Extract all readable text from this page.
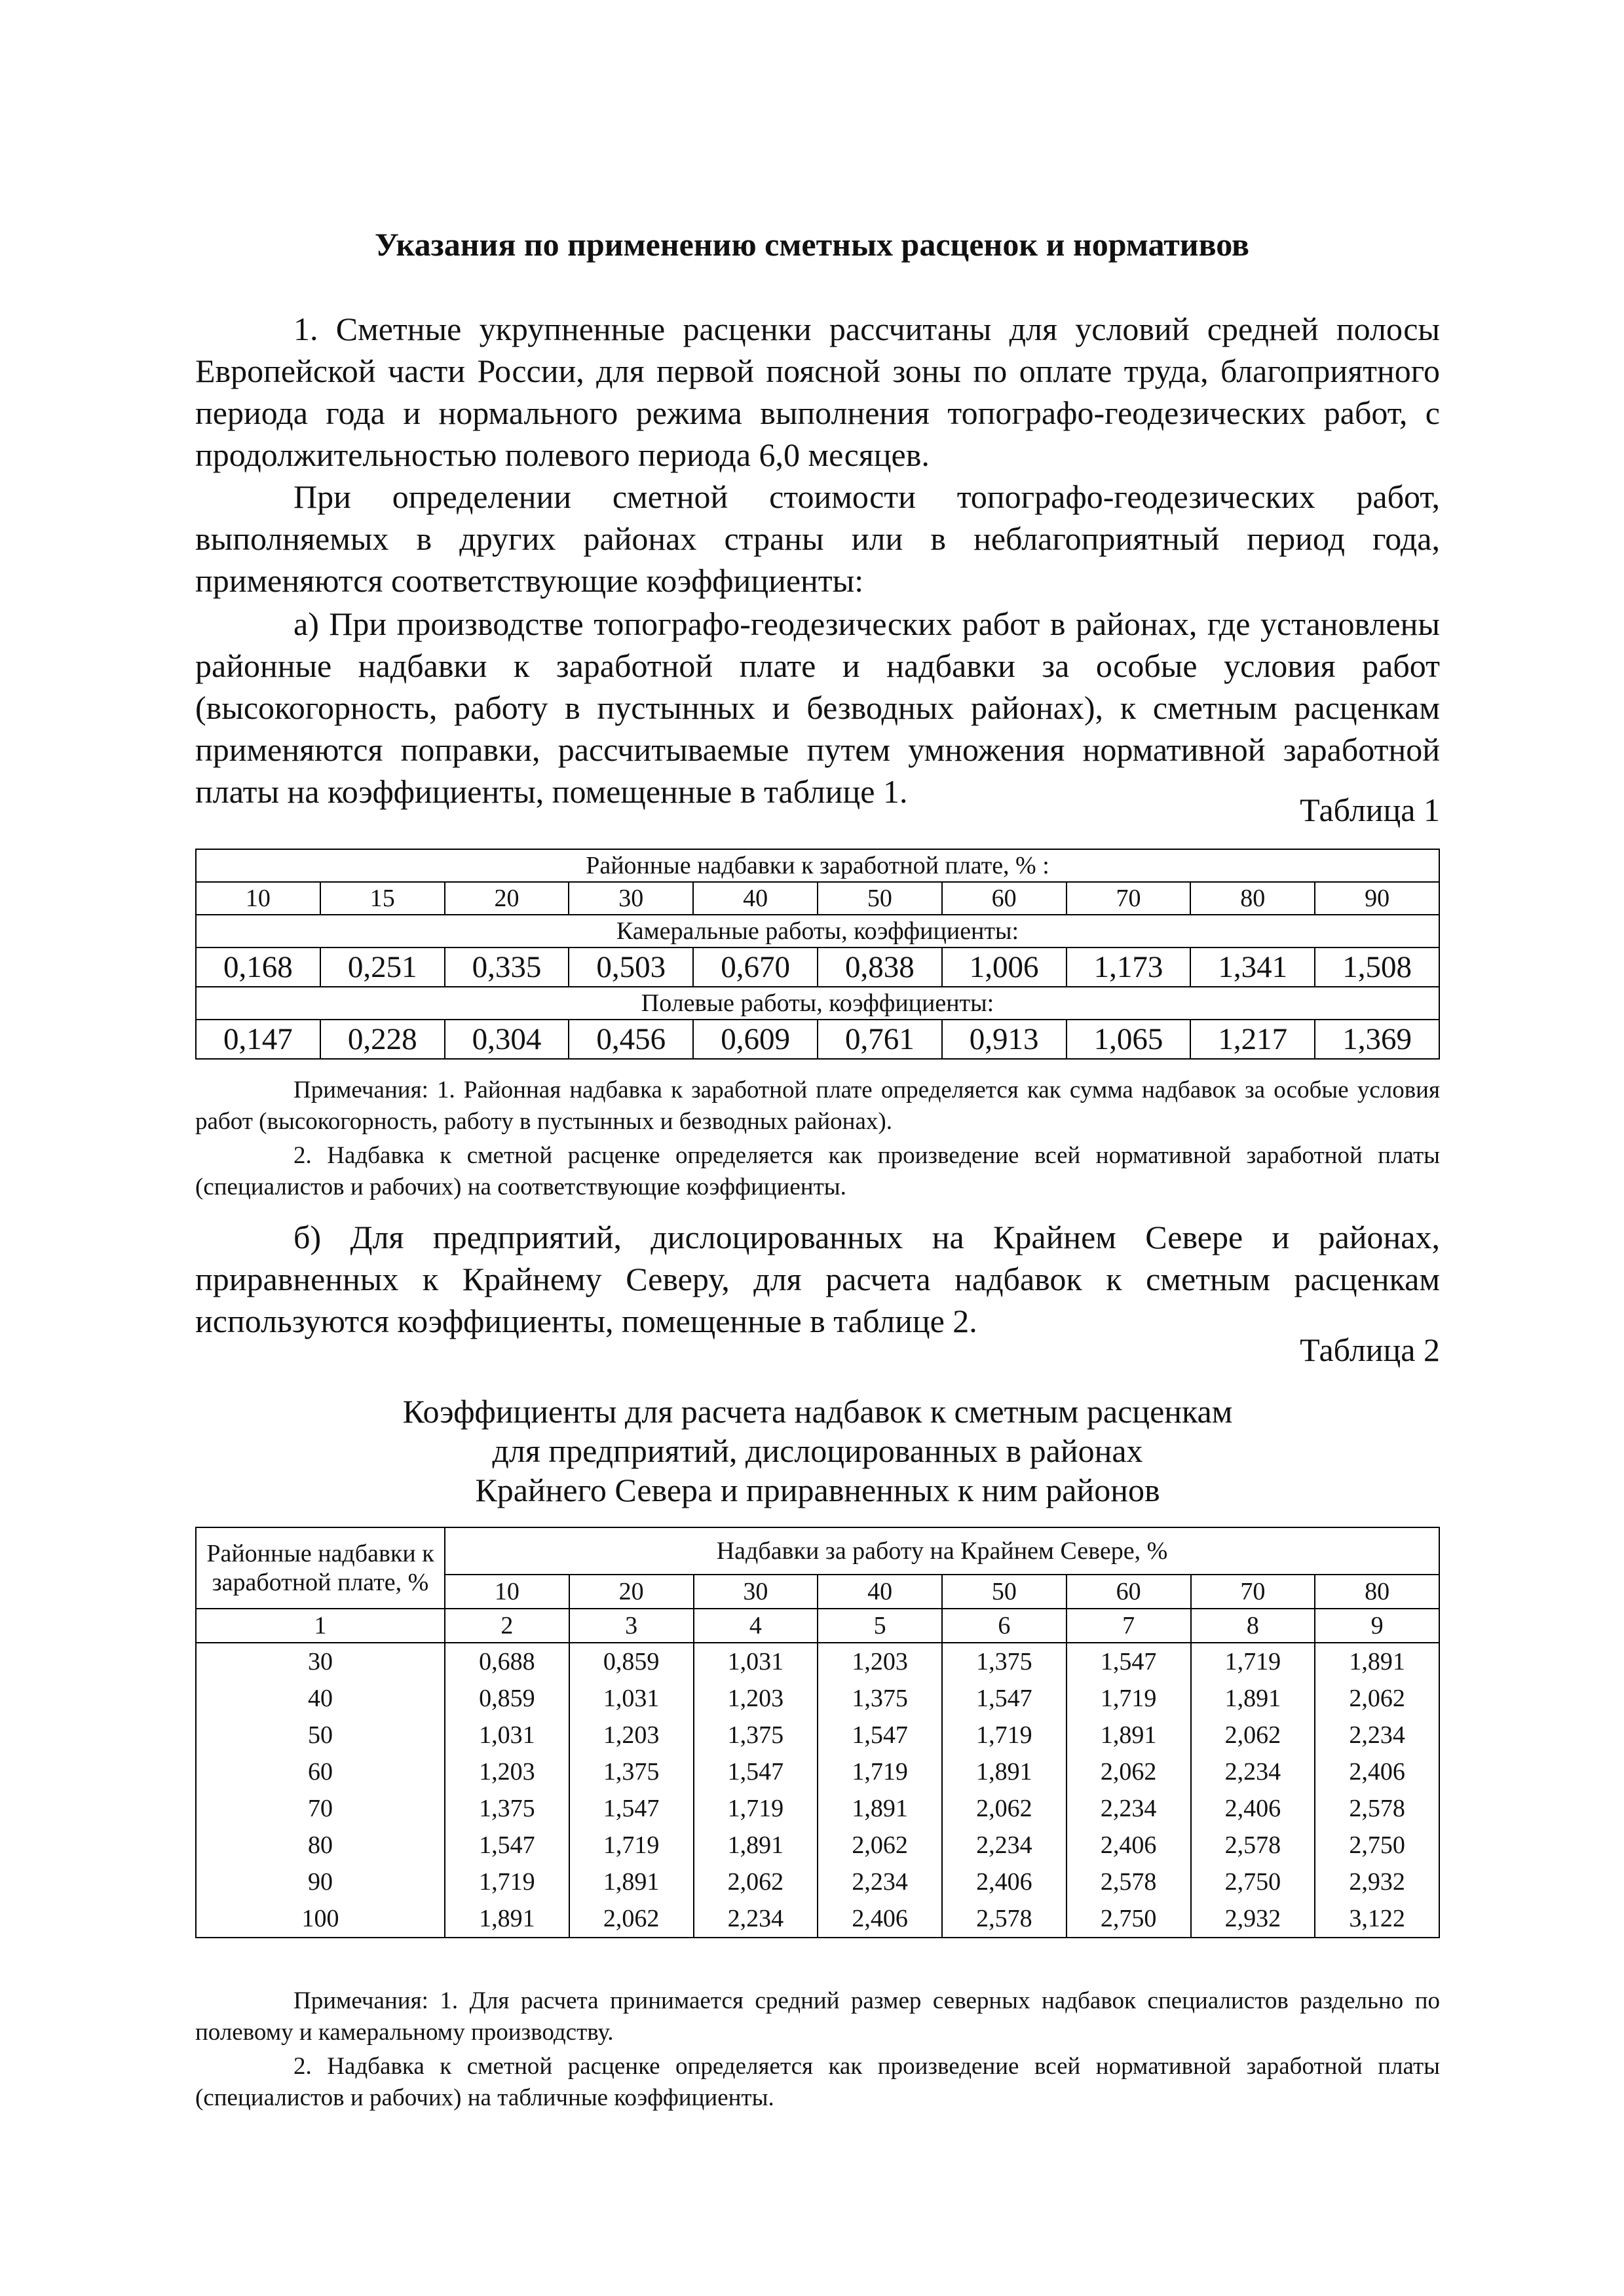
Указания по применению сметных расценок и нормативов

1. Сметные укрупненные расценки рассчитаны для условий средней полосы Европейской части России, для первой поясной зоны по оплате труда, благоприятного периода года и нормального режима выполнения топографо-геодезических работ, с продолжительностью полевого периода 6,0 месяцев.

При определении сметной стоимости топографо-геодезических работ, выполняемых в других районах страны или в неблагоприятный период года, применяются соответствующие коэффициенты:

а) При производстве топографо-геодезических работ в районах, где установлены районные надбавки к заработной плате и надбавки за особые условия работ (высокогорность, работу в пустынных и безводных районах), к сметным расценкам применяются поправки, рассчитываемые путем умножения нормативной заработной платы на коэффициенты, помещенные в таблице 1.	Таблица 1
Районные надбавки к заработной плате, % :									
10	15	20	30	40	50	60	70	80	90
Камеральные работы, коэффициенты:									
0,168	0,251	0,335	0,503	0,670	0,838	1,006	1,173	1,341	1,508
Полевые работы, коэффициенты:									
0,147	0,228	0,304	0,456	0,609	0,761	0,913	1,065	1,217	1,369

Примечания: 1. Районная надбавка к заработной плате определяется как сумма надбавок за особые условия работ (высокогорность, работу в пустынных и безводных районах).

2. Надбавка к сметной расценке определяется как произведение всей нормативной заработной платы (специалистов и рабочих) на соответствующие коэффициенты.

б) Для предприятий, дислоцированных на Крайнем Севере и районах, приравненных к Крайнему Северу, для расчета надбавок к сметным расценкам используются коэффициенты, помещенные в таблице 2.

Таблица 2
Коэффициенты для расчета надбавок к сметным расценкам
для предприятий, дислоцированных в районах
Крайнего Севера и приравненных к ним районов
Районные надбавки к заработной плате, %	Надбавки за работу на Крайнем Севере, %							
	10	20	30	40	50	60	70	80
1	2	3	4	5	6	7	8	9
30	0,688	0,859	1,031	1,203	1,375	1,547	1,719	1,891
40	0,859	1,031	1,203	1,375	1,547	1,719	1,891	2,062
50	1,031	1,203	1,375	1,547	1,719	1,891	2,062	2,234
60	1,203	1,375	1,547	1,719	1,891	2,062	2,234	2,406
70	1,375	1,547	1,719	1,891	2,062	2,234	2,406	2,578
80	1,547	1,719	1,891	2,062	2,234	2,406	2,578	2,750
90	1,719	1,891	2,062	2,234	2,406	2,578	2,750	2,932
100	1,891	2,062	2,234	2,406	2,578	2,750	2,932	3,122

Примечания: 1. Для расчета принимается средний размер северных надбавок специалистов раздельно по полевому и камеральному производству.

2. Надбавка к сметной расценке определяется как произведение всей нормативной заработной платы (специалистов и рабочих) на табличные коэффициенты.
